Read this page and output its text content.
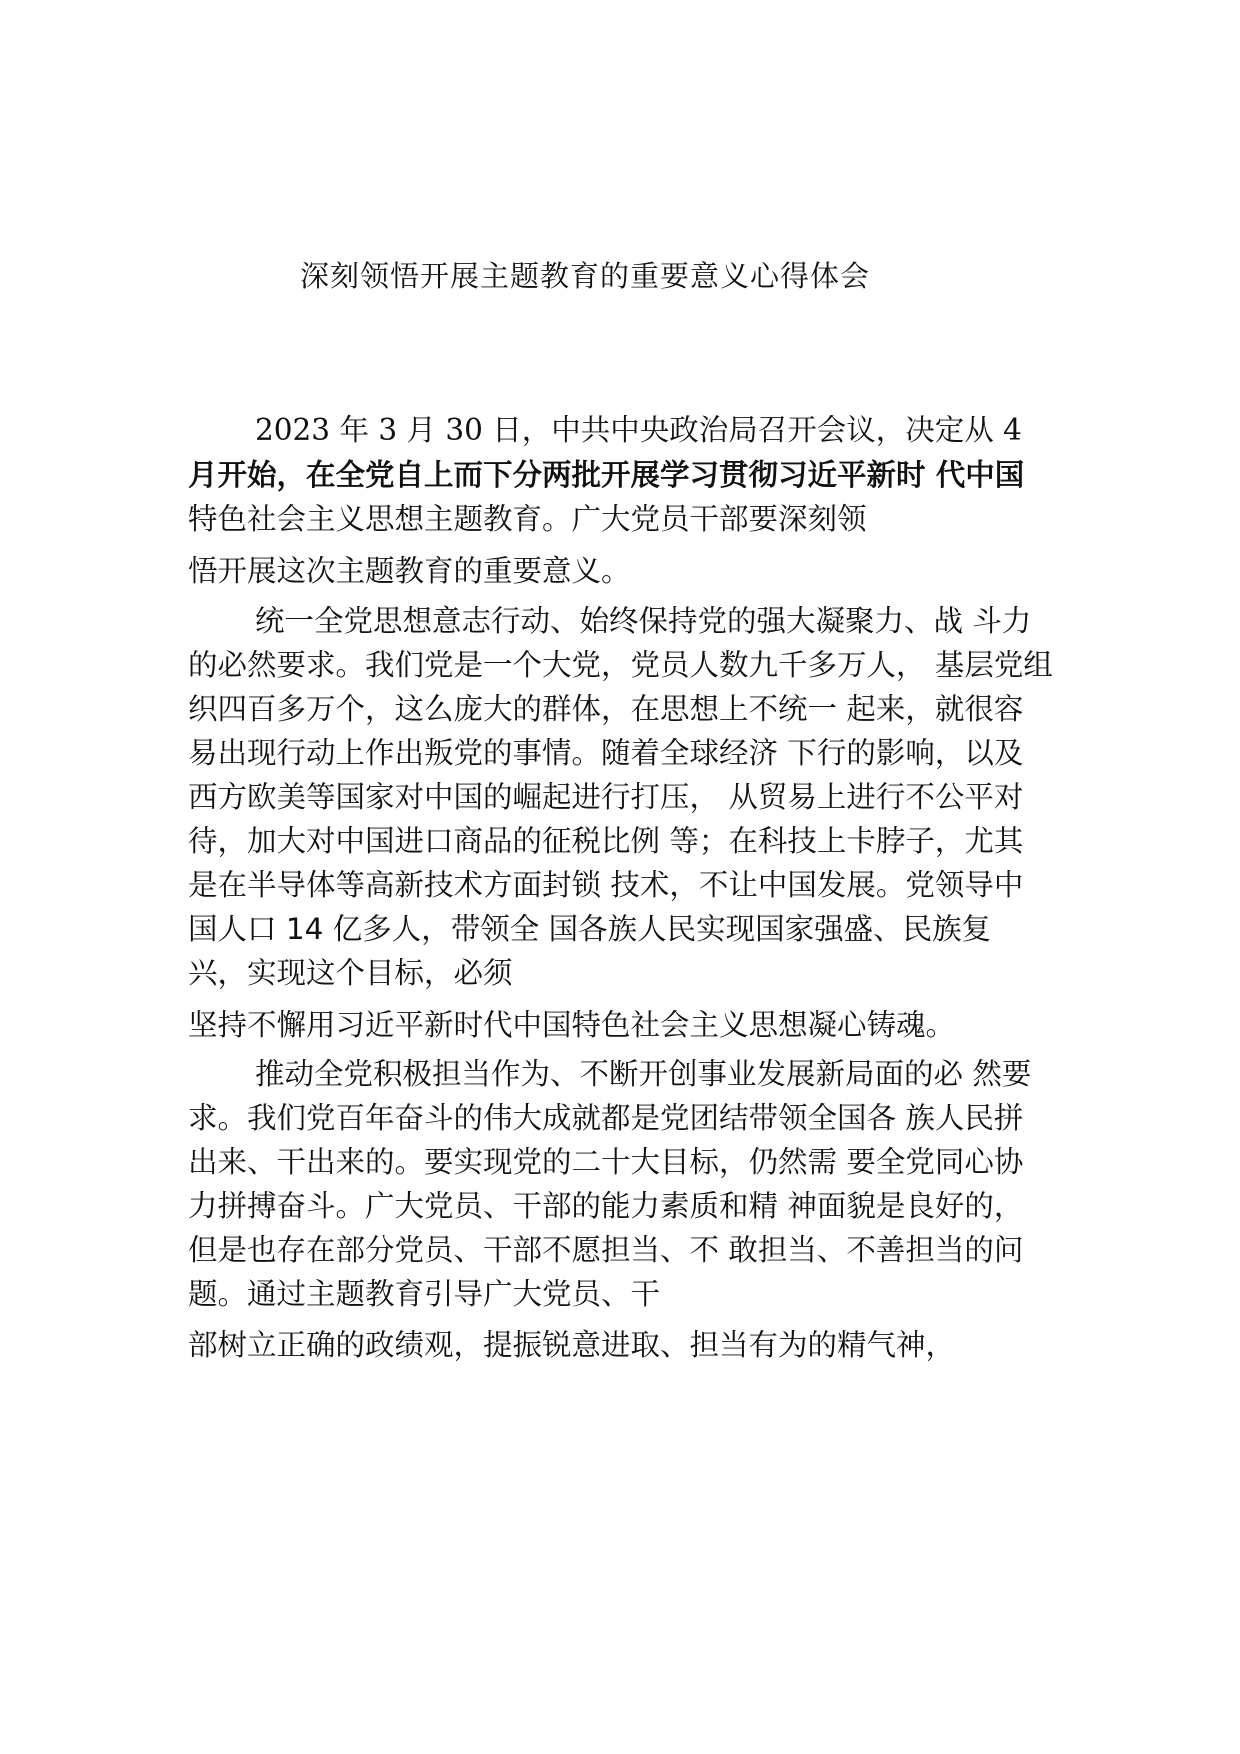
深刻领悟开展主题教育的重要意义心得体会
2023 年 3 月 30 日，中共中央政治局召开会议，决定从 4
月开始，在全党自上而下分两批开展学习贯彻习近平新时 代中国
特色社会主义思想主题教育。广大党员干部要深刻领
悟开展这次主题教育的重要意义。
统一全党思想意志行动、始终保持党的强大凝聚力、战 斗力
的必然要求。我们党是一个大党，党员人数九千多万人， 基层党组
织四百多万个，这么庞大的群体，在思想上不统一 起来，就很容
易出现行动上作出叛党的事情。随着全球经济 下行的影响，以及
西方欧美等国家对中国的崛起进行打压， 从贸易上进行不公平对
待，加大对中国进口商品的征税比例 等；在科技上卡脖子，尤其
是在半导体等高新技术方面封锁 技术，不让中国发展。党领导中
国人口 14 亿多人，带领全 国各族人民实现国家强盛、民族复
兴，实现这个目标，必须
坚持不懈用习近平新时代中国特色社会主义思想凝心铸魂。
推动全党积极担当作为、不断开创事业发展新局面的必 然要
求。我们党百年奋斗的伟大成就都是党团结带领全国各 族人民拼
出来、干出来的。要实现党的二十大目标，仍然需 要全党同心协
力拼搏奋斗。广大党员、干部的能力素质和精 神面貌是良好的，
但是也存在部分党员、干部不愿担当、不 敢担当、不善担当的问
题。通过主题教育引导广大党员、干
部树立正确的政绩观，提振锐意进取、担当有为的精气神，
